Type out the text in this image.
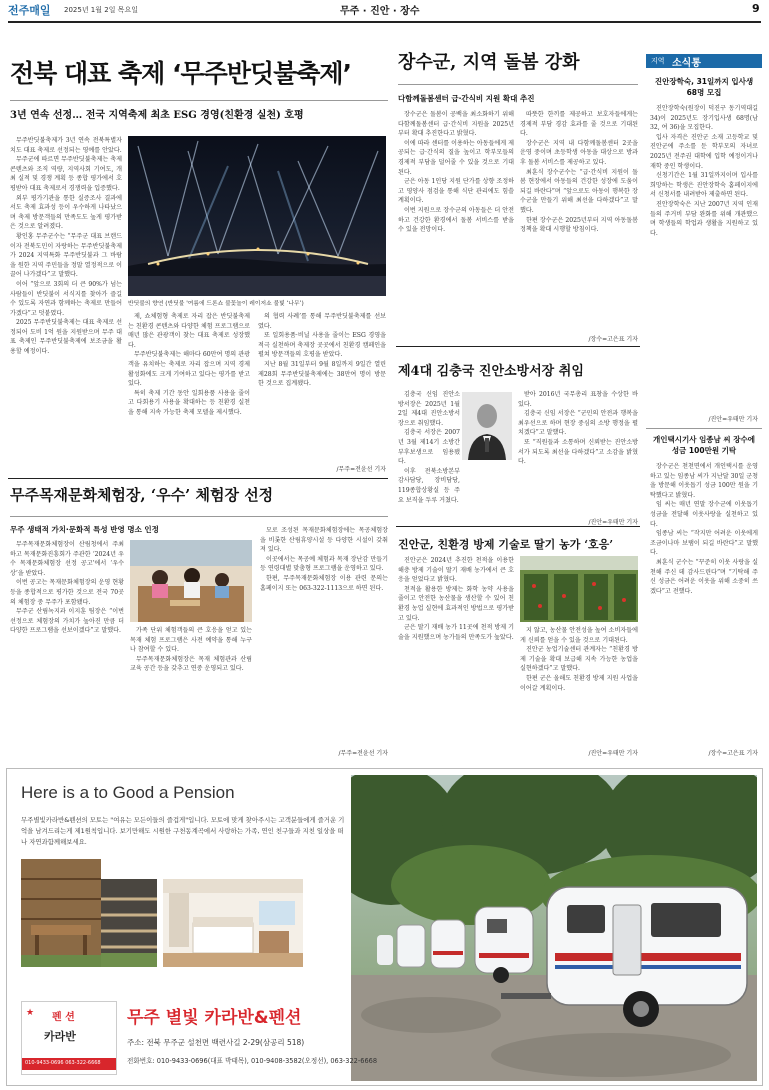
전주매일 2025년 1월 2일 목요일	무주 · 진안 · 장수	9
전북 대표 축제 ‘무주반딧불축제’
3년 연속 선정… 전국 지역축제 최초 ESG 경영(친환경 실천) 호평

무주반딧불축제가 3년 연속 전북특별자치도 대표 축제로 선정되는 영예를 안았다.

무주군에 따르면 무주반딧불축제는 축제 콘텐츠와 조직 역량, 지역사회 기여도, 개최 실적 및 경쟁 계획 등 종합 평가에서 호평받아 대표 축제로서 경쟁력을 입증했다.

외부 평가기관을 통한 실증조사 결과에서도 축제 효과성 등이 우수하게 나타났으며 축제 방문객들의 만족도도 높게 평가받은 것으로 알려졌다.

황인홍 무주군수는 “무주군 대표 브랜드이자 전북도민이 자랑하는 무주반딧불축제가 2024 지역특화 무주반딧불과 그 바람을 원한 지역 주민들을 정말 열정적으로 이끌어 나가겠다”고 말했다.

이어 “앞으로 3회의 더 큰 90%가 넘는 사람들이 반딧불이 서식지를 찾아가 즐길 수 있도록 자연과 함께하는 축제로 만들어 가겠다”고 덧붙였다.

2025 무주반딧불축제는 대표 축제로 선정되어 도비 1억 원을 지원받으며 무주 대표 축제인 무주반딧불축제에 보조금을 활용할 예정이다.

반딧불의 향연 (반딧불 '여름에 드론쇼 불꽃놀이 레이저쇼 불빛 ‘나무’)

제, 쇼체험형 축제로 자리 잡은 반딧불축제는 친환경 콘텐츠와 다양한 체험 프로그램으로 매년 많은 관광객이 찾는 대표 축제로 성장했다.

무주반딧불축제는 해마다 60만여 명의 관광객을 유치하는 축제로 자리 잡으며 지역 경제 활성화에도 크게 기여하고 있다는 평가를 받고 있다.

특히 축제 기간 동안 일회용품 사용을 줄이고 다회용기 사용을 확대하는 등 친환경 실천을 통해 지속 가능한 축제 모델을 제시했다.

의 협력 사례’를 통해 무주반딧불축제를 선보였다.

또 일회용품·비닐 사용을 줄이는 ESG 경영을 적극 실천하며 축제장 곳곳에서 친환경 캠페인을 펼쳐 방문객들의 호평을 받았다.

지난 8월 31일부터 9월 8일까지 9일간 열린 제28회 무주반딧불축제에는 38만여 명이 방문한 것으로 집계됐다.

/무주=전윤선 기자
장수군, 지역 돌봄 강화
다함께돌봄센터 급·간식비 지원 확대 추진

장수군은 돌봄이 공백을 최소화하기 위해 다함께돌봄센터 급·간식비 지원을 2025년부터 확대 추진한다고 밝혔다.

이에 따라 센터를 이용하는 아동들에게 제공되는 급·간식의 질을 높이고 학부모들의 경제적 부담을 덜어줄 수 있을 것으로 기대된다.

군은 아동 1인당 지원 단가를 상향 조정하고 영양사 점검을 통해 식단 관리에도 힘쓸 계획이다.

이번 지원으로 장수군의 아동들은 더 안전하고 건강한 환경에서 돌봄 서비스를 받을 수 있을 전망이다.

따뜻한 한끼를 제공하고 보호자들에게는 경제적 부담 경감 효과를 줄 것으로 기대된다.

장수군은 지역 내 다함께돌봄센터 2곳을 운영 중이며 초등학생 아동을 대상으로 방과 후 돌봄 서비스를 제공하고 있다.

최훈식 장수군수는 “급·간식비 지원이 돌봄 현장에서 아동들의 건강한 성장에 도움이 되길 바란다”며 “앞으로도 아동이 행복한 장수군을 만들기 위해 최선을 다하겠다”고 말했다.

한편 장수군은 2025년부터 지역 아동돌봄 정책을 확대 시행할 방침이다.

/장수=고은표 기자
제4대 김충국 진안소방서장 취임

김충국 신임 진안소방서장은 2025년 1월 2일 제4대 진안소방서장으로 취임했다.

김충국 서장은 2007년 3월 제14기 소방간부후보생으로 임용됐다.

이후 전북소방본부 감사담당, 장비담당, 119종합상황실 등 주요 보직을 두루 거쳤다.

받아 2016년 국무총리 표창을 수상한 바 있다.

김충국 신임 서장은 “군민의 안전과 행복을 최우선으로 하며 현장 중심의 소방 행정을 펼치겠다”고 말했다.

또 “직원들과 소통하며 신뢰받는 진안소방서가 되도록 최선을 다하겠다”고 소감을 밝혔다.

/진안=우태만 기자
무주목재문화체험장, ‘우수’ 체험장 선정
무주 생태적 가치·문화적 특성 반영 명소 인정

무주목재문화체험장이 산림청에서 주최하고 목재문화진흥회가 주관한 ‘2024년 우수 목재문화체험장 선정 공고’에서 ‘우수상’을 받았다.

이번 공고는 목재문화체험장의 운영 현황 등을 종합적으로 평가한 것으로 전국 70곳의 체험장 중 무주가 포함됐다.

무주군 산림녹지과 이지훈 팀장은 “이번 선정으로 체험장의 가치가 높아진 만큼 더 다양한 프로그램을 선보이겠다”고 말했다.	가족 단위 체험객들의 큰 호응을 얻고 있는 목재 체험 프로그램은 사전 예약을 통해 누구나 참여할 수 있다.

무주목재문화체험장은 목재 체험관과 산림 교육 공간 등을 갖추고 연중 운영되고 있다.

모로 조성된 목재문화체험장에는 목공체험장을 비롯한 산림휴양시설 등 다양한 시설이 갖춰져 있다.

이곳에서는 목공예 체험과 목재 장난감 만들기 등 연령대별 맞춤형 프로그램을 운영하고 있다.

한편, 무주목재문화체험장 이용 관련 문의는 홈페이지 또는 063-322-1113으로 하면 된다.

/무주=전윤선 기자
진안군, 친환경 방제 기술로 딸기 농가 ‘호응’

진안군은 2024년 추진한 천적을 이용한 해충 방제 기술이 딸기 재배 농가에서 큰 호응을 얻었다고 밝혔다.

천적을 활용한 방제는 화학 농약 사용을 줄이고 안전한 농산물을 생산할 수 있어 친환경 농업 실현에 효과적인 방법으로 평가받고 있다.

군은 딸기 재배 농가 11곳에 천적 방제 기술을 지원했으며 농가들의 만족도가 높았다.

지 않고, 농산물 안전성을 높여 소비자들에게 신뢰를 얻을 수 있을 것으로 기대된다.

진안군 농업기술센터 관계자는 “친환경 방제 기술을 확대 보급해 지속 가능한 농업을 실현하겠다”고 말했다.

한편 군은 올해도 친환경 방제 지원 사업을 이어갈 계획이다.

/진안=우태만 기자
지역 소식통
진안장학숙, 31일까지 입사생 68명 모집

진안장학숙(원장이 덕진구 동기역대길 34)이 2025년도 장기입사생 68명(남 32, 여 36)을 모집한다.

입사 자격은 진안군 소재 고등학교 및 진안군에 주소를 둔 학부모의 자녀로 2025년 전주권 대학에 입학 예정이거나 재학 중인 학생이다.

신청기간은 1월 31일까지이며 입사를 희망하는 학생은 진안장학숙 홈페이지에서 신청서를 내려받아 제출하면 된다.

진안장학숙은 지난 2007년 지역 인재들의 주거비 부담 완화를 위해 개관했으며 학생들의 학업과 생활을 지원하고 있다.

/진안=우태만 기자
개인택시기사 임종남 씨 장수에 성금 100만원 기탁

장수군은 천천면에서 개인택시를 운영하고 있는 임종남 씨가 지난달 30일 군청을 방문해 이웃돕기 성금 100만 원을 기탁했다고 밝혔다.

임 씨는 매년 연말 장수군에 이웃돕기 성금을 전달해 이웃사랑을 실천하고 있다.

임종남 씨는 “작지만 어려운 이웃에게 조금이나마 보탬이 되길 바란다”고 말했다.

최훈식 군수는 “꾸준히 이웃 사랑을 실천해 주신 데 감사드린다”며 “기탁해 주신 성금은 어려운 이웃을 위해 소중히 쓰겠다”고 전했다.

/장수=고은표 기자
Here is a to Good a Pension
무주별빛카라반&펜션의 모토는 "여유는 모든이들의 즐겁게"입니다. 모토에 맞게 찾아주시는 고객분들에게 즐거운 기억을 남겨드리는게 제1원칙입니다. 보기만해도 시원한 구천동계곡에서 사랑하는 가족, 연인 친구들과 지친 일상을 떠나 자연과함께해보세요.
★	펜 션
카라반
010-9433-0696 063-322-6668
무주 별빛 카라반&펜션
주소: 전북 무주군 설천면 백련사길 2-29(삼공리 518)
전화번호: 010-9433-0696(대표 박태목), 010-9408-3582(오정선), 063-322-6668
